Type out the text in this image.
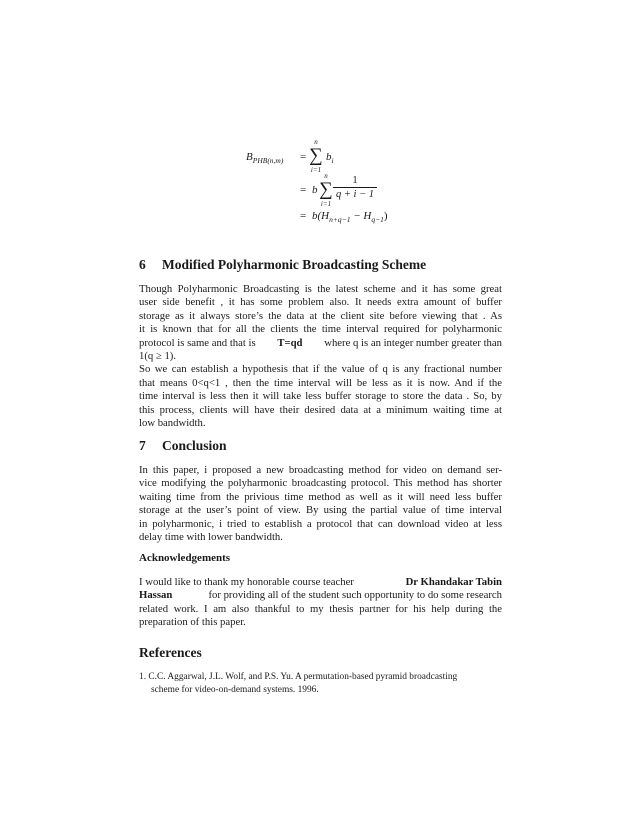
$B_{PHB(n,m)}$ =
n
∑
i=1
$b_i$
= b
n
∑
i=1
1
q + i − 1
= $b(H_{n+q-1} - H_{q-1})$
6 Modified Polyharmonic Broadcasting Scheme
Though Polyharmonic Broadcasting is the latest scheme and it has some great
user side benefit , it has some problem also. It needs extra amount of buffer
storage as it always store’s the data at the client site before viewing that . As
it is known that for all the clients the time interval required for polyharmonic
protocol is same and that is T=qd where q is an integer number greater than
1(q ≥ 1).
So we can establish a hypothesis that if the value of q is any fractional number
that means 0<q<1 , then the time interval will be less as it is now. And if the
time interval is less then it will take less buffer storage to store the data . So, by
this process, clients will have their desired data at a minimum waiting time at
low bandwidth.
7 Conclusion
In this paper, i proposed a new broadcasting method for video on demand ser-
vice modifying the polyharmonic broadcasting protocol. This method has shorter
waiting time from the privious time method as well as it will need less buffer
storage at the user’s point of view. By using the partial value of time interval
in polyharmonic, i tried to establish a protocol that can download video at less
delay time with lower bandwidth.
Acknowledgements
I would like to thank my honorable course teacher	Dr Khandakar Tabin
Hassan	for providing all of the student such opportunity to do some research
related work. I am also thankful to my thesis partner for his help during the
preparation of this paper.
References
1. C.C. Aggarwal, J.L. Wolf, and P.S. Yu. A permutation-based pyramid broadcasting
scheme for video-on-demand systems. 1996.
